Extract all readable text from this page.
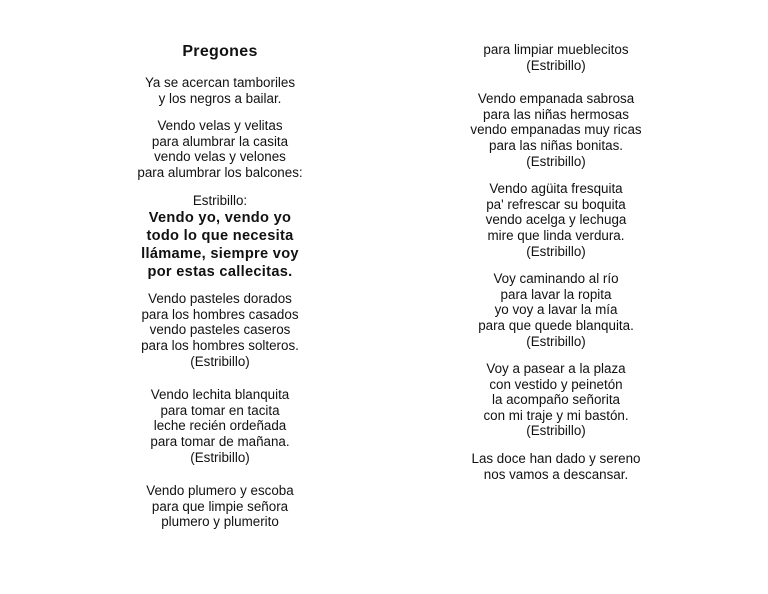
Pregones
Ya se acercan tamboriles
y los negros a bailar.
Vendo velas y velitas
para alumbrar la casita
vendo velas y velones
para alumbrar los balcones:
Estribillo:
Vendo yo, vendo yo
todo lo que necesita
llámame, siempre voy
por estas callecitas.
Vendo pasteles dorados
para los hombres casados
vendo pasteles caseros
para los hombres solteros.
(Estribillo)
Vendo lechita blanquita
para tomar en tacita
leche recién ordeñada
para tomar de mañana.
(Estribillo)
Vendo plumero y escoba
para que limpie señora
plumero y plumerito
para limpiar mueblecitos
(Estribillo)
Vendo empanada sabrosa
para las niñas hermosas
vendo empanadas muy ricas
para las niñas bonitas.
(Estribillo)
Vendo agüita fresquita
pa' refrescar su boquita
vendo acelga y lechuga
mire que linda verdura.
(Estribillo)
Voy caminando al río
para lavar la ropita
yo voy a lavar la mía
para que quede blanquita.
(Estribillo)
Voy a pasear a la plaza
con vestido y peinetón
la acompaño señorita
con mi traje y mi bastón.
(Estribillo)
Las doce han dado y sereno
nos vamos a descansar.
